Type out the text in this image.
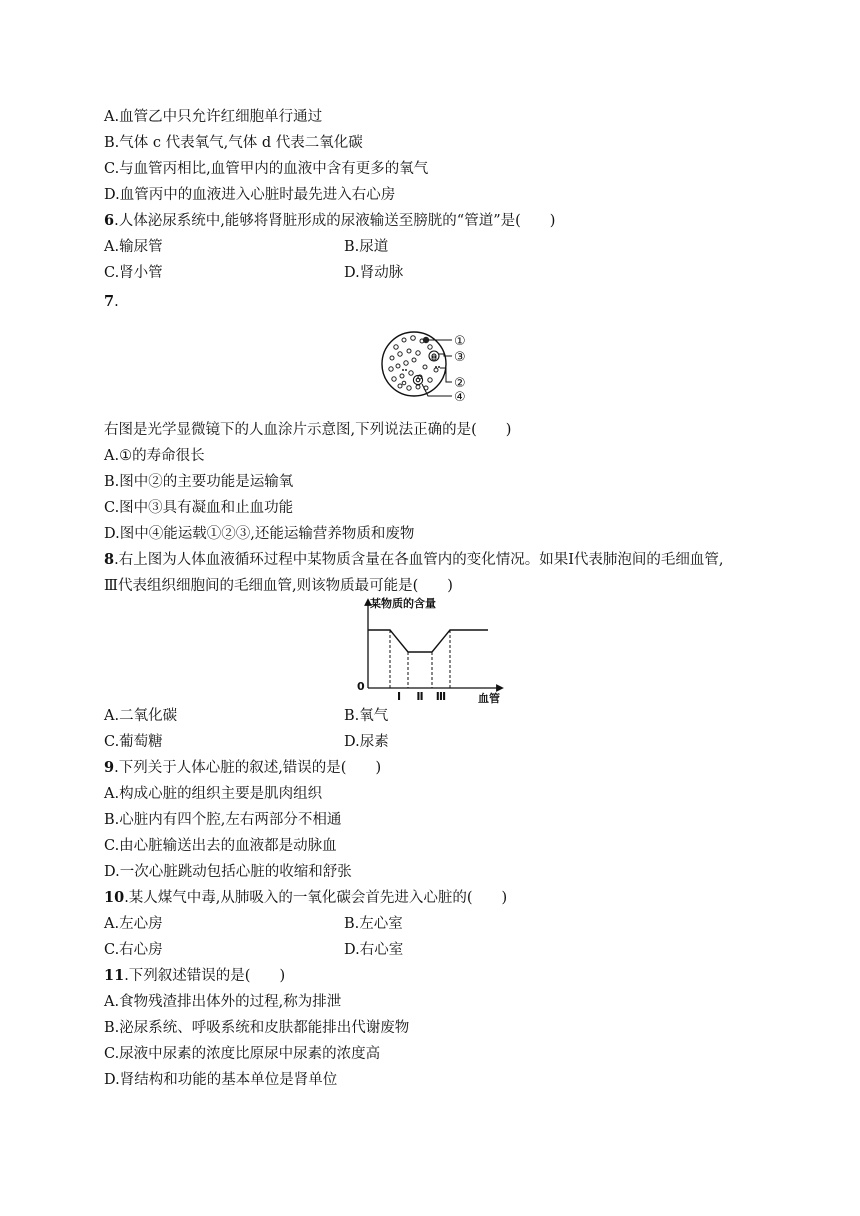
A.血管乙中只允许红细胞单行通过
B.气体 c 代表氧气,气体 d 代表二氧化碳
C.与血管丙相比,血管甲内的血液中含有更多的氧气
D.血管丙中的血液进入心脏时最先进入右心房
6.人体泌尿系统中,能够将肾脏形成的尿液输送至膀胱的“管道”是(　　)
A.输尿管	B.尿道
C.肾小管	D.肾动脉
7.
①
③
②
④
右图是光学显微镜下的人血涂片示意图,下列说法正确的是(　　)
A.①的寿命很长
B.图中②的主要功能是运输氧
C.图中③具有凝血和止血功能
D.图中④能运载①②③,还能运输营养物质和废物
8.右上图为人体血液循环过程中某物质含量在各血管内的变化情况。如果Ⅰ代表肺泡间的毛细血管,
Ⅲ代表组织细胞间的毛细血管,则该物质最可能是(　　)
某物质的含量
0
血管
Ⅰ Ⅱ Ⅲ
A.二氧化碳	B.氧气
C.葡萄糖	D.尿素
9.下列关于人体心脏的叙述,错误的是(　　)
A.构成心脏的组织主要是肌肉组织
B.心脏内有四个腔,左右两部分不相通
C.由心脏输送出去的血液都是动脉血
D.一次心脏跳动包括心脏的收缩和舒张
10.某人煤气中毒,从肺吸入的一氧化碳会首先进入心脏的(　　)
A.左心房	B.左心室
C.右心房	D.右心室
11.下列叙述错误的是(　　)
A.食物残渣排出体外的过程,称为排泄
B.泌尿系统、呼吸系统和皮肤都能排出代谢废物
C.尿液中尿素的浓度比原尿中尿素的浓度高
D.肾结构和功能的基本单位是肾单位
